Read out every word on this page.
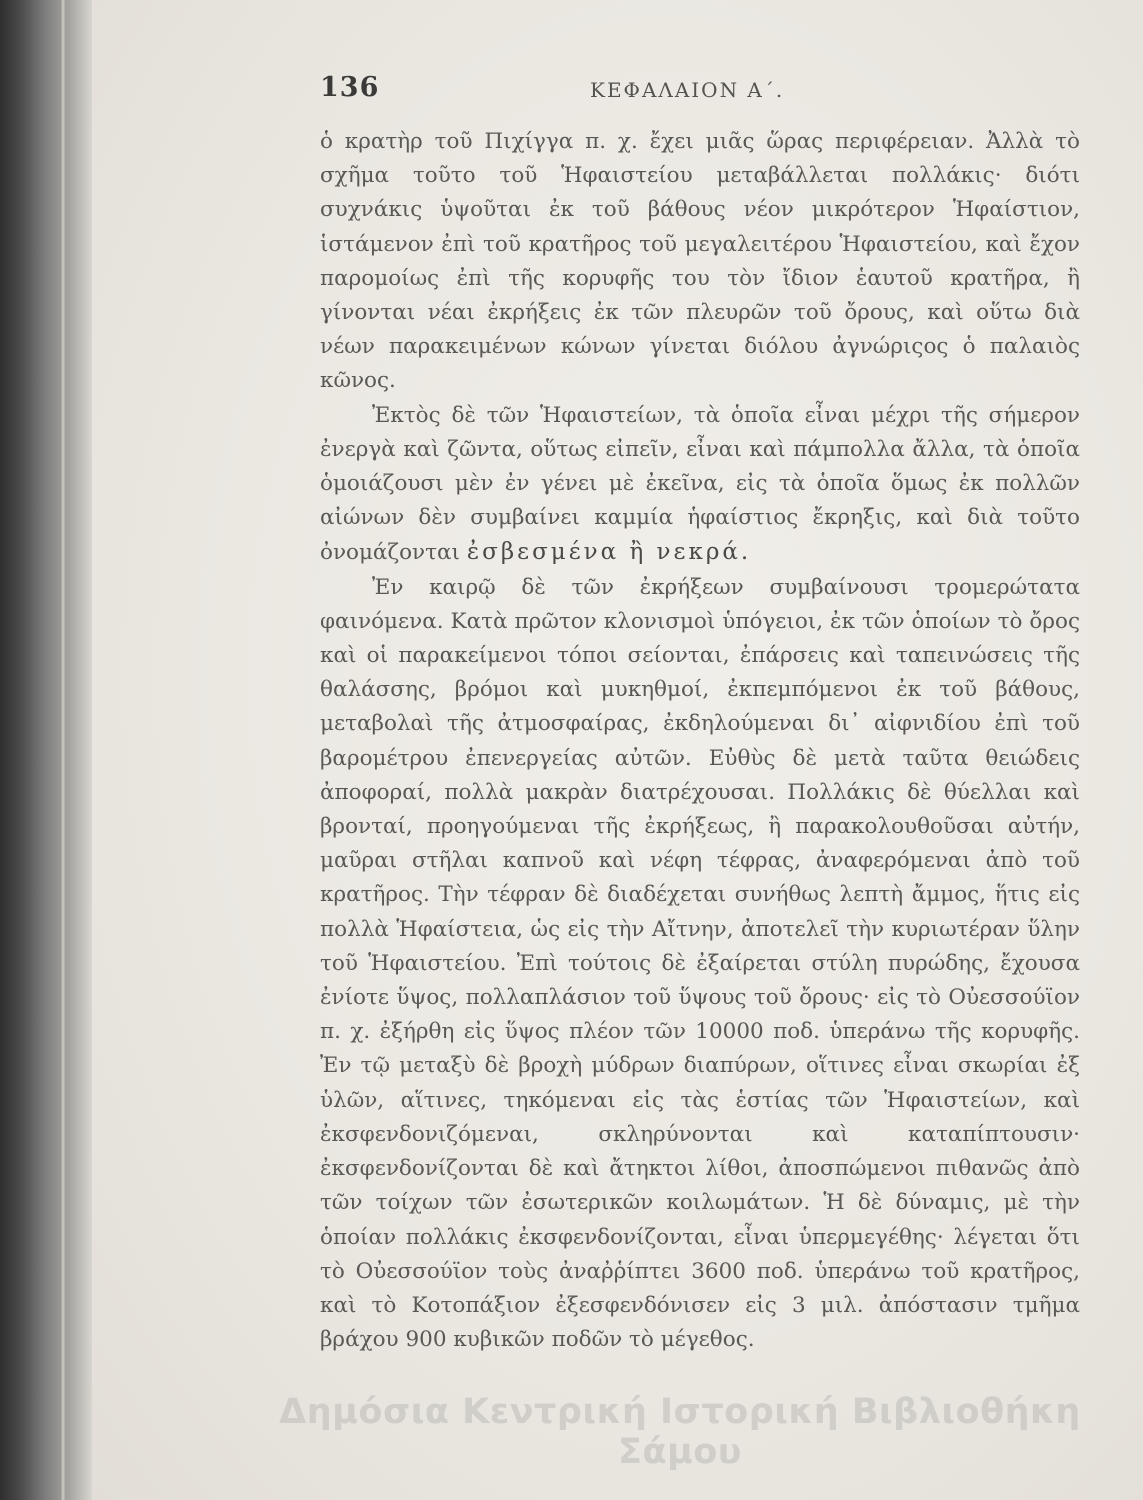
136	ΚΕΦΑΛΑΙΟΝ Α΄.

ὁ κρατὴρ τοῦ Πιχίγγα π. χ. ἔχει μιᾶς ὥρας περιφέρειαν. Ἀλλὰ τὸ σχῆμα τοῦτο τοῦ Ἡφαιστείου μεταβάλλεται πολλάκις· διότι συχνάκις ὑψοῦται ἐκ τοῦ βάθους νέον μικρότερον Ἡφαίστιον, ἱστάμενον ἐπὶ τοῦ κρατῆρος τοῦ μεγαλειτέρου Ἡφαιστείου, καὶ ἔχον παρομοίως ἐπὶ τῆς κορυφῆς του τὸν ἴδιον ἑαυτοῦ κρατῆρα, ἢ γίνονται νέαι ἐκρήξεις ἐκ τῶν πλευρῶν τοῦ ὄρους, καὶ οὕτω διὰ νέων παρακειμένων κώνων γίνεται διόλου ἀγνώριςος ὁ παλαιὸς κῶνος.

Ἐκτὸς δὲ τῶν Ἡφαιστείων, τὰ ὁποῖα εἶναι μέχρι τῆς σήμερον ἐνεργὰ καὶ ζῶντα, οὕτως εἰπεῖν, εἶναι καὶ πάμπολλα ἄλλα, τὰ ὁποῖα ὁμοιάζουσι μὲν ἐν γένει μὲ ἐκεῖνα, εἰς τὰ ὁποῖα ὅμως ἐκ πολλῶν αἰώνων δὲν συμβαίνει καμμία ἡφαίστιος ἔκρηξις, καὶ διὰ τοῦτο ὀνομάζονται ἐσβεσμένα ἢ νεκρά.

Ἐν καιρῷ δὲ τῶν ἐκρήξεων συμβαίνουσι τρομερώτατα φαινόμενα. Κατὰ πρῶτον κλονισμοὶ ὑπόγειοι, ἐκ τῶν ὁποίων τὸ ὄρος καὶ οἱ παρακείμενοι τόποι σείονται, ἐπάρσεις καὶ ταπεινώσεις τῆς θαλάσσης, βρόμοι καὶ μυκηθμοί, ἐκπεμπόμενοι ἐκ τοῦ βάθους, μεταβολαὶ τῆς ἀτμοσφαίρας, ἐκδηλούμεναι δι᾽ αἰφνιδίου ἐπὶ τοῦ βαρομέτρου ἐπενεργείας αὐτῶν. Εὐθὺς δὲ μετὰ ταῦτα θειώδεις ἀποφοραί, πολλὰ μακρὰν διατρέχουσαι. Πολλάκις δὲ θύελλαι καὶ βρονταί, προηγούμεναι τῆς ἐκρήξεως, ἢ παρακολουθοῦσαι αὐτήν, μαῦραι στῆλαι καπνοῦ καὶ νέφη τέφρας, ἀναφερόμεναι ἀπὸ τοῦ κρατῆρος. Τὴν τέφραν δὲ διαδέχεται συνήθως λεπτὴ ἄμμος, ἥτις εἰς πολλὰ Ἡφαίστεια, ὡς εἰς τὴν Αἴτνην, ἀποτελεῖ τὴν κυριωτέραν ὕλην τοῦ Ἡφαιστείου. Ἐπὶ τούτοις δὲ ἐξαίρεται στύλη πυρώδης, ἔχουσα ἐνίοτε ὕψος, πολλαπλάσιον τοῦ ὕψους τοῦ ὄρους· εἰς τὸ Οὐεσσούϊον π. χ. ἐξήρθη εἰς ὕψος πλέον τῶν 10000 ποδ. ὑπεράνω τῆς κορυφῆς. Ἐν τῷ μεταξὺ δὲ βροχὴ μύδρων διαπύρων, οἵτινες εἶναι σκωρίαι ἐξ ὑλῶν, αἵτινες, τηκόμεναι εἰς τὰς ἑστίας τῶν Ἡφαιστείων, καὶ ἐκσφενδονιζόμεναι, σκληρύνονται καὶ καταπίπτουσιν· ἐκσφενδονίζονται δὲ καὶ ἄτηκτοι λίθοι, ἀποσπώμενοι πιθανῶς ἀπὸ τῶν τοίχων τῶν ἐσωτερικῶν κοιλωμάτων. Ἡ δὲ δύναμις, μὲ τὴν ὁποίαν πολλάκις ἐκσφενδονίζονται, εἶναι ὑπερμεγέθης· λέγεται ὅτι τὸ Οὐεσσούϊον τοὺς ἀναῤῥίπτει 3600 ποδ. ὑπεράνω τοῦ κρατῆρος, καὶ τὸ Κοτοπάξιον ἐξεσφενδόνισεν εἰς 3 μιλ. ἀπόστασιν τμῆμα βράχου 900 κυβικῶν ποδῶν τὸ μέγεθος.

Δημόσια Κεντρική Ιστορική Βιβλιοθήκη Σάμου
